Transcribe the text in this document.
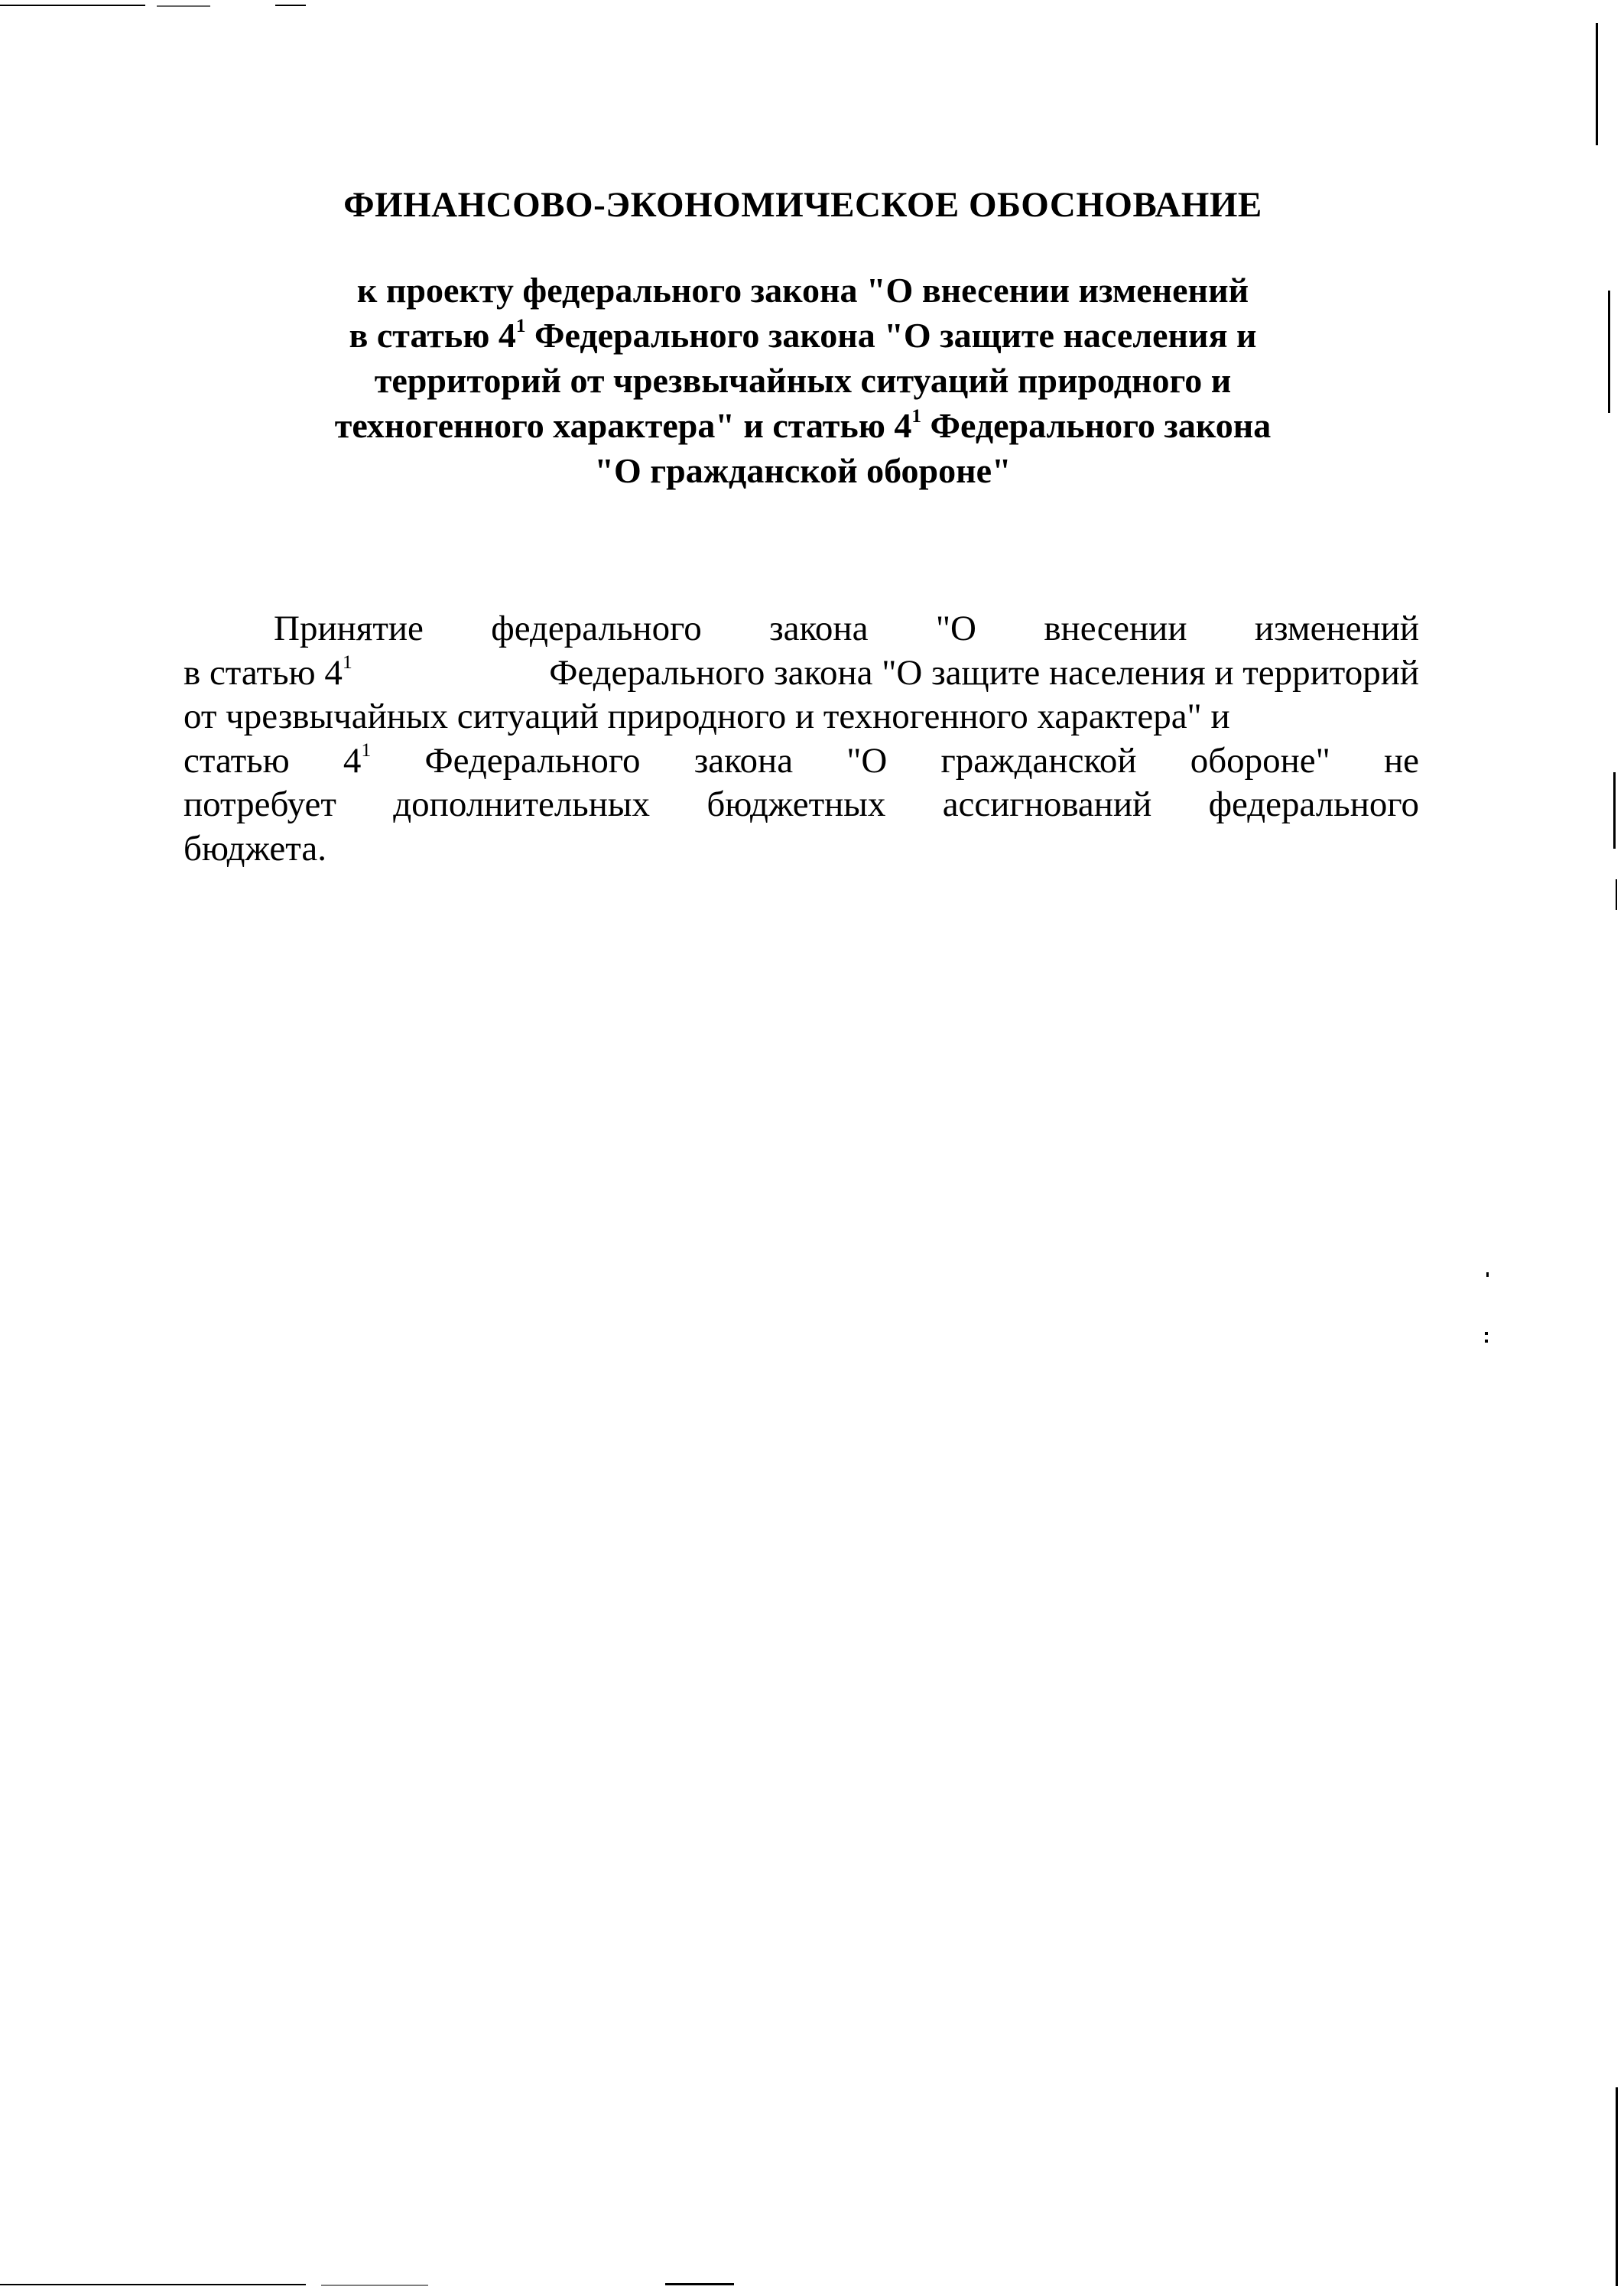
ФИНАНСОВО-ЭКОНОМИЧЕСКОЕ ОБОСНОВАНИЕ
к проекту федерального закона "О внесении изменений
в статью $4^1$ Федерального закона "О защите населения и
территорий от чрезвычайных ситуаций природного и
техногенного характера" и статью $4^1$ Федерального закона
"О гражданской обороне"
Принятие федерального закона "О внесении изменений
в статью $4^1$	Федерального закона "О защите населения и территорий
от чрезвычайных ситуаций природного и техногенного характера" и
статью $4^1$ Федерального закона "О гражданской обороне" не
потребует дополнительных бюджетных ассигнований федерального
бюджета.
